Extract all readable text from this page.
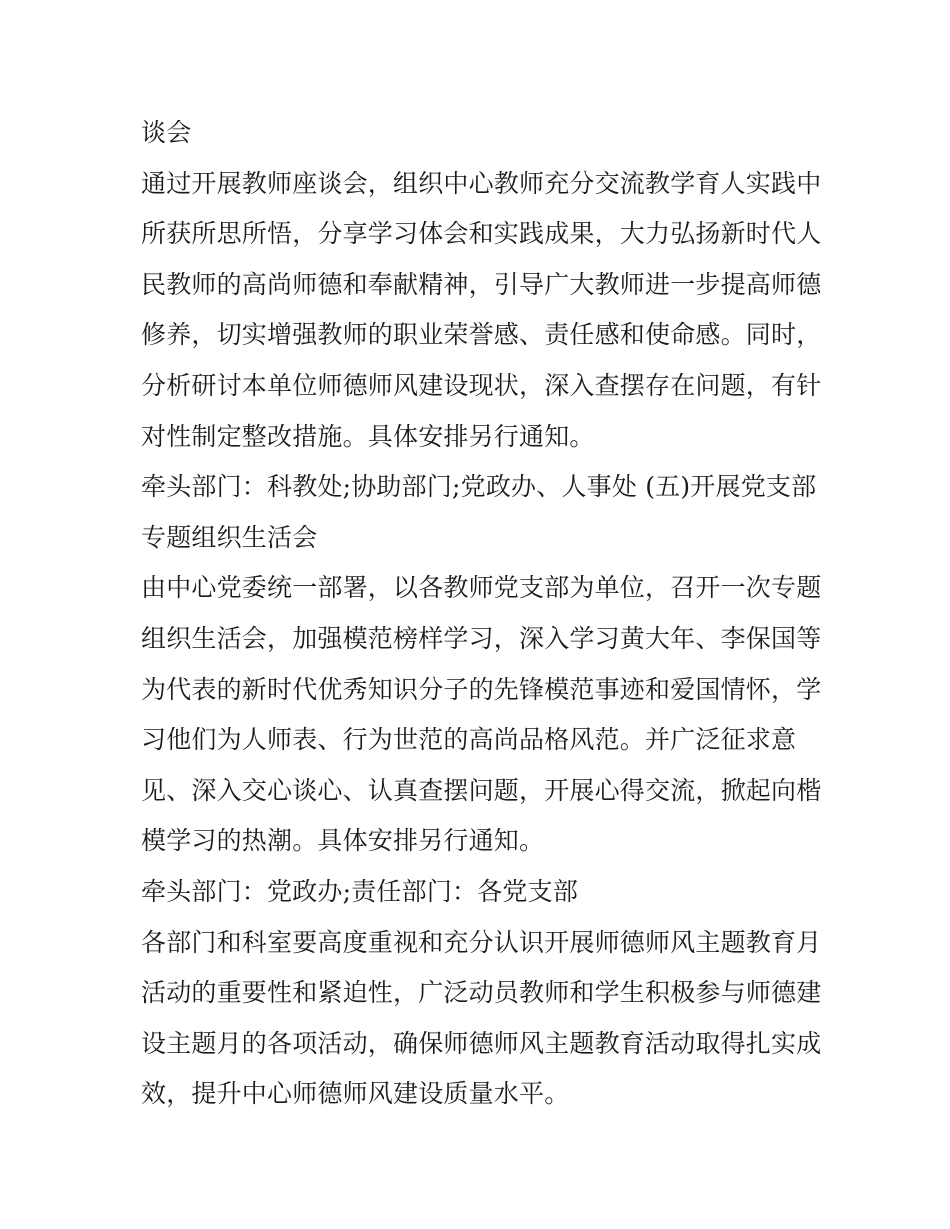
谈会
通过开展教师座谈会，组织中心教师充分交流教学育人实践中
所获所思所悟，分享学习体会和实践成果，大力弘扬新时代人
民教师的高尚师德和奉献精神，引导广大教师进一步提高师德
修养，切实增强教师的职业荣誉感、责任感和使命感。同时，
分析研讨本单位师德师风建设现状，深入查摆存在问题，有针
对性制定整改措施。具体安排另行通知。
牵头部门：科教处;协助部门;党政办、人事处 (五)开展党支部
专题组织生活会
由中心党委统一部署，以各教师党支部为单位，召开一次专题
组织生活会，加强模范榜样学习，深入学习黄大年、李保国等
为代表的新时代优秀知识分子的先锋模范事迹和爱国情怀，学
习他们为人师表、行为世范的高尚品格风范。并广泛征求意
见、深入交心谈心、认真查摆问题，开展心得交流，掀起向楷
模学习的热潮。具体安排另行通知。
牵头部门：党政办;责任部门：各党支部
各部门和科室要高度重视和充分认识开展师德师风主题教育月
活动的重要性和紧迫性，广泛动员教师和学生积极参与师德建
设主题月的各项活动，确保师德师风主题教育活动取得扎实成
效，提升中心师德师风建设质量水平。
